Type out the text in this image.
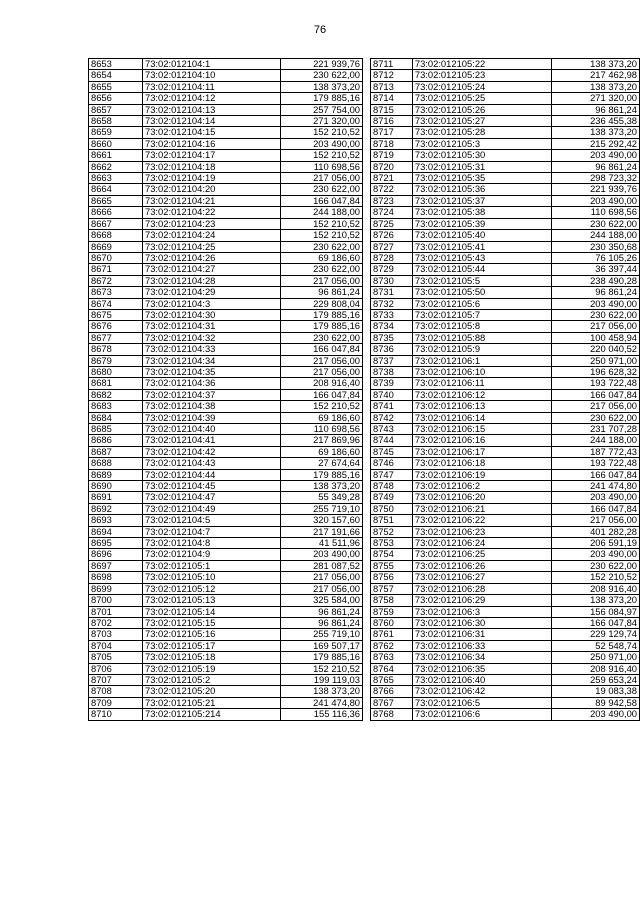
76
8653	73:02:012104:1	221 939,76
8654	73:02:012104:10	230 622,00
8655	73:02:012104:11	138 373,20
8656	73:02:012104:12	179 885,16
8657	73:02:012104:13	257 754,00
8658	73:02:012104:14	271 320,00
8659	73:02:012104:15	152 210,52
8660	73:02:012104:16	203 490,00
8661	73:02:012104:17	152 210,52
8662	73:02:012104:18	110 698,56
8663	73:02:012104:19	217 056,00
8664	73:02:012104:20	230 622,00
8665	73:02:012104:21	166 047,84
8666	73:02:012104:22	244 188,00
8667	73:02:012104:23	152 210,52
8668	73:02:012104:24	152 210,52
8669	73:02:012104:25	230 622,00
8670	73:02:012104:26	69 186,60
8671	73:02:012104:27	230 622,00
8672	73:02:012104:28	217 056,00
8673	73:02:012104:29	96 861,24
8674	73:02:012104:3	229 808,04
8675	73:02:012104:30	179 885,16
8676	73:02:012104:31	179 885,16
8677	73:02:012104:32	230 622,00
8678	73:02:012104:33	166 047,84
8679	73:02:012104:34	217 056,00
8680	73:02:012104:35	217 056,00
8681	73:02:012104:36	208 916,40
8682	73:02:012104:37	166 047,84
8683	73:02:012104:38	152 210,52
8684	73:02:012104:39	69 186,60
8685	73:02:012104:40	110 698,56
8686	73:02:012104:41	217 869,96
8687	73:02:012104:42	69 186,60
8688	73:02:012104:43	27 674,64
8689	73:02:012104:44	179 885,16
8690	73:02:012104:45	138 373,20
8691	73:02:012104:47	55 349,28
8692	73:02:012104:49	255 719,10
8693	73:02:012104:5	320 157,60
8694	73:02:012104:7	217 191,66
8695	73:02:012104:8	41 511,96
8696	73:02:012104:9	203 490,00
8697	73:02:012105:1	281 087,52
8698	73:02:012105:10	217 056,00
8699	73:02:012105:12	217 056,00
8700	73:02:012105:13	325 584,00
8701	73:02:012105:14	96 861,24
8702	73:02:012105:15	96 861,24
8703	73:02:012105:16	255 719,10
8704	73:02:012105:17	169 507,17
8705	73:02:012105:18	179 885,16
8706	73:02:012105:19	152 210,52
8707	73:02:012105:2	199 119,03
8708	73:02:012105:20	138 373,20
8709	73:02:012105:21	241 474,80
8710	73:02:012105:214	155 116,36
8711	73:02:012105:22	138 373,20
8712	73:02:012105:23	217 462,98
8713	73:02:012105:24	138 373,20
8714	73:02:012105:25	271 320,00
8715	73:02:012105:26	96 861,24
8716	73:02:012105:27	236 455,38
8717	73:02:012105:28	138 373,20
8718	73:02:012105:3	215 292,42
8719	73:02:012105:30	203 490,00
8720	73:02:012105:31	96 861,24
8721	73:02:012105:35	298 723,32
8722	73:02:012105:36	221 939,76
8723	73:02:012105:37	203 490,00
8724	73:02:012105:38	110 698,56
8725	73:02:012105:39	230 622,00
8726	73:02:012105:40	244 188,00
8727	73:02:012105:41	230 350,68
8728	73:02:012105:43	76 105,26
8729	73:02:012105:44	36 397,44
8730	73:02:012105:5	238 490,28
8731	73:02:012105:50	96 861,24
8732	73:02:012105:6	203 490,00
8733	73:02:012105:7	230 622,00
8734	73:02:012105:8	217 056,00
8735	73:02:012105:88	100 458,94
8736	73:02:012105:9	220 040,52
8737	73:02:012106:1	250 971,00
8738	73:02:012106:10	196 628,32
8739	73:02:012106:11	193 722,48
8740	73:02:012106:12	166 047,84
8741	73:02:012106:13	217 056,00
8742	73:02:012106:14	230 622,00
8743	73:02:012106:15	231 707,28
8744	73:02:012106:16	244 188,00
8745	73:02:012106:17	187 772,43
8746	73:02:012106:18	193 722,48
8747	73:02:012106:19	166 047,84
8748	73:02:012106:2	241 474,80
8749	73:02:012106:20	203 490,00
8750	73:02:012106:21	166 047,84
8751	73:02:012106:22	217 056,00
8752	73:02:012106:23	401 282,28
8753	73:02:012106:24	206 591,19
8754	73:02:012106:25	203 490,00
8755	73:02:012106:26	230 622,00
8756	73:02:012106:27	152 210,52
8757	73:02:012106:28	208 916,40
8758	73:02:012106:29	138 373,20
8759	73:02:012106:3	156 084,97
8760	73:02:012106:30	166 047,84
8761	73:02:012106:31	229 129,74
8762	73:02:012106:33	52 548,74
8763	73:02:012106:34	250 971,00
8764	73:02:012106:35	208 916,40
8765	73:02:012106:40	259 653,24
8766	73:02:012106:42	19 083,38
8767	73:02:012106:5	89 942,58
8768	73:02:012106:6	203 490,00
